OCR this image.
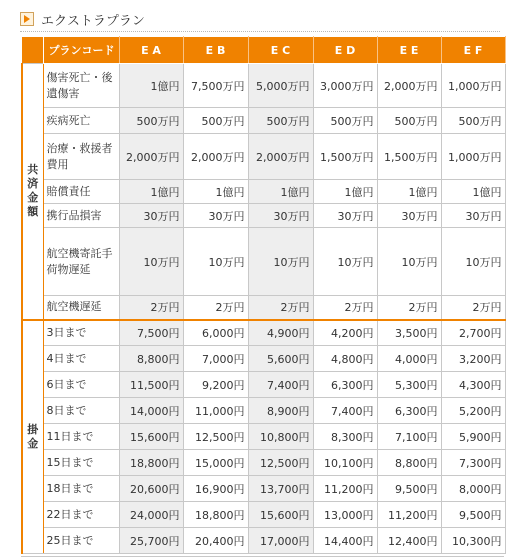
エクストラプラン
	プランコード	E A	E B	E C	E D	E E	E F

共
済
金
額	傷害死亡・後遺傷害	1億円	7,500万円	5,000万円	3,000万円	2,000万円	1,000万円
	疾病死亡	500万円	500万円	500万円	500万円	500万円	500万円
	治療・救援者費用	2,000万円	2,000万円	2,000万円	1,500万円	1,500万円	1,000万円
	賠償責任	1億円	1億円	1億円	1億円	1億円	1億円
	携行品損害	30万円	30万円	30万円	30万円	30万円	30万円
	航空機寄託手荷物遅延	10万円	10万円	10万円	10万円	10万円	10万円
	航空機遅延	2万円	2万円	2万円	2万円	2万円	2万円

掛
金	3日まで	7,500円	6,000円	4,900円	4,200円	3,500円	2,700円
	4日まで	8,800円	7,000円	5,600円	4,800円	4,000円	3,200円
	6日まで	11,500円	9,200円	7,400円	6,300円	5,300円	4,300円
	8日まで	14,000円	11,000円	8,900円	7,400円	6,300円	5,200円
	11日まで	15,600円	12,500円	10,800円	8,300円	7,100円	5,900円
	15日まで	18,800円	15,000円	12,500円	10,100円	8,800円	7,300円
	18日まで	20,600円	16,900円	13,700円	11,200円	9,500円	8,000円
	22日まで	24,000円	18,800円	15,600円	13,000円	11,200円	9,500円
	25日まで	25,700円	20,400円	17,000円	14,400円	12,400円	10,300円
